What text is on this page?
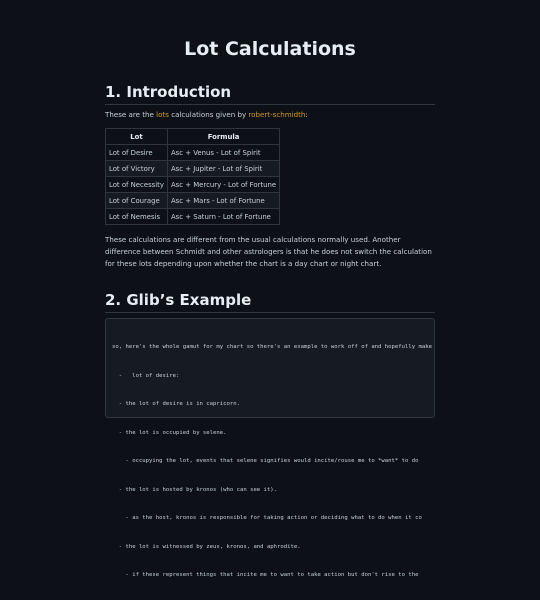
Lot Calculations
1. Introduction

These are the lots calculations given by robert-schmidth:

Lot	Formula
Lot of Desire	Asc + Venus - Lot of Spirit
Lot of Victory	Asc + Jupiter - Lot of Spirit
Lot of Necessity	Asc + Mercury - Lot of Fortune
Lot of Courage	Asc + Mars - Lot of Fortune
Lot of Nemesis	Asc + Saturn - Lot of Fortune

These calculations are different from the usual calculations normally used. Another difference between Schmidt and other astrologers is that he does not switch the calculation for these lots depending upon whether the chart is a day chart or night chart.

2. Glib’s Example

so, here's the whole gamut for my chart so there's an example to work off of and hopefully make

-   lot of desire:

- the lot of desire is in capricorn.

- the lot is occupied by selene.

- occupying the lot, events that selene signifies would incite/rouse me to *want* to do

- the lot is hosted by kronos (who can see it).

- as the host, kronos is responsible for taking action or deciding what to do when it co

- the lot is witnessed by zeus, kronos, and aphrodite.

- if these represent things that incite me to want to take action but don't rise to the
